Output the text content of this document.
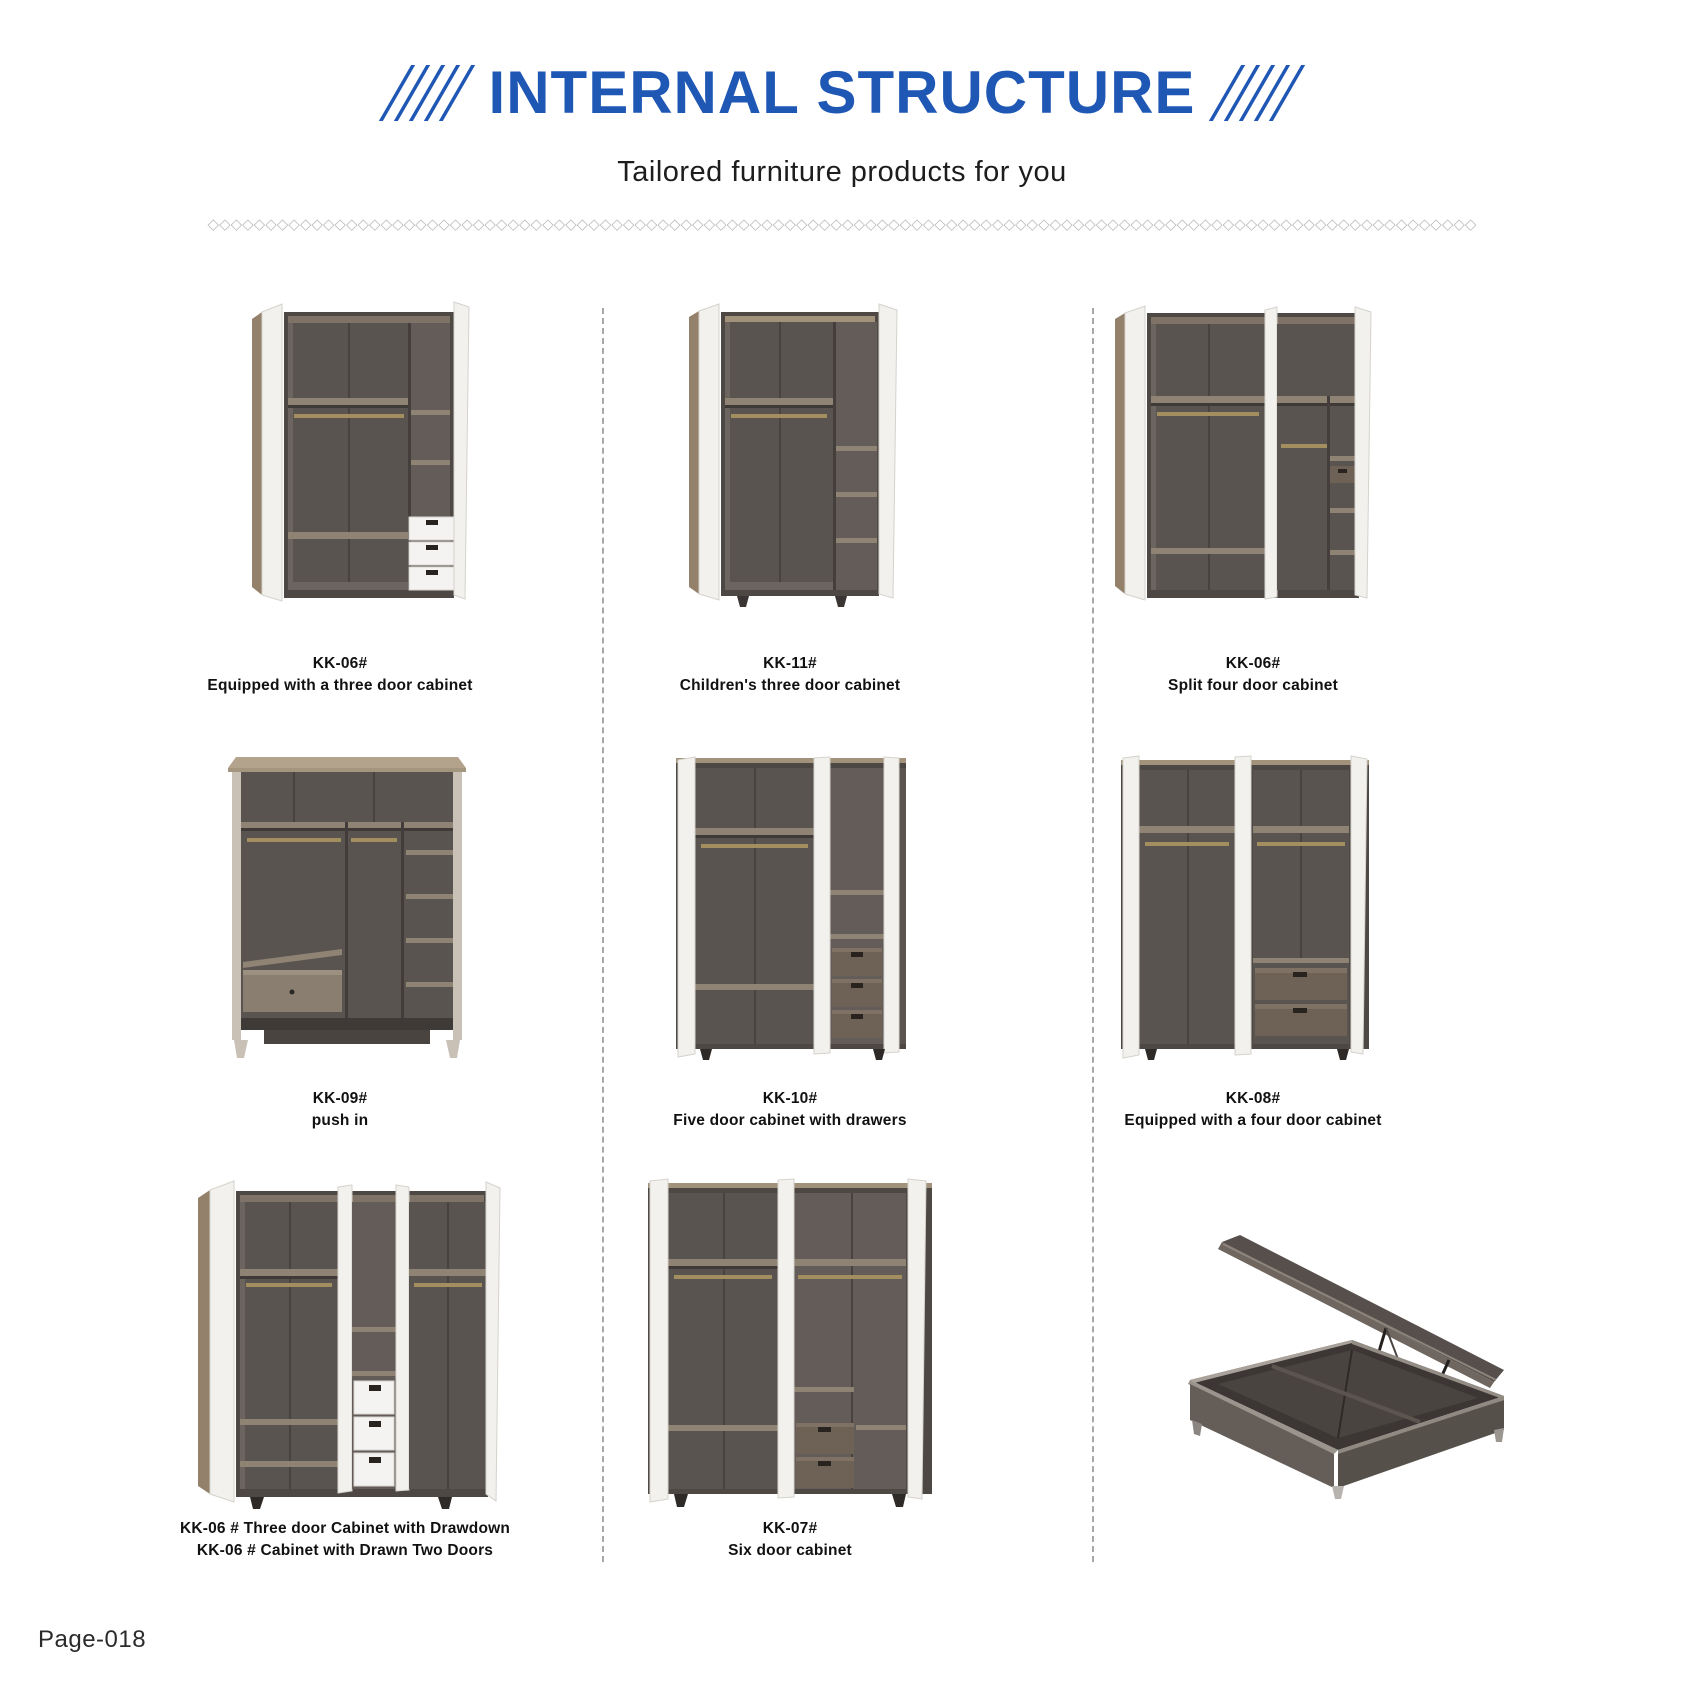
INTERNAL STRUCTURE
Tailored furniture products for you
◇◇◇◇◇◇◇◇◇◇◇◇◇◇◇◇◇◇◇◇◇◇◇◇◇◇◇◇◇◇◇◇◇◇◇◇◇◇◇◇◇◇◇◇◇◇◇◇◇◇◇◇◇◇◇◇◇◇◇◇◇◇◇◇◇◇◇◇◇◇◇◇◇◇◇◇◇◇◇◇◇◇◇◇◇◇◇◇◇◇◇◇◇◇◇◇◇◇◇◇◇◇◇◇◇◇◇◇◇◇
KK-06#
Equipped with a three door cabinet
KK-11#
Children's three door cabinet
KK-06#
Split four door cabinet
KK-09#
push in
KK-10#
Five door cabinet with drawers
KK-08#
Equipped with a four door cabinet
KK-06 # Three door Cabinet with Drawdown
KK-06 # Cabinet with Drawn Two Doors
KK-07#
Six door cabinet
Page-018
